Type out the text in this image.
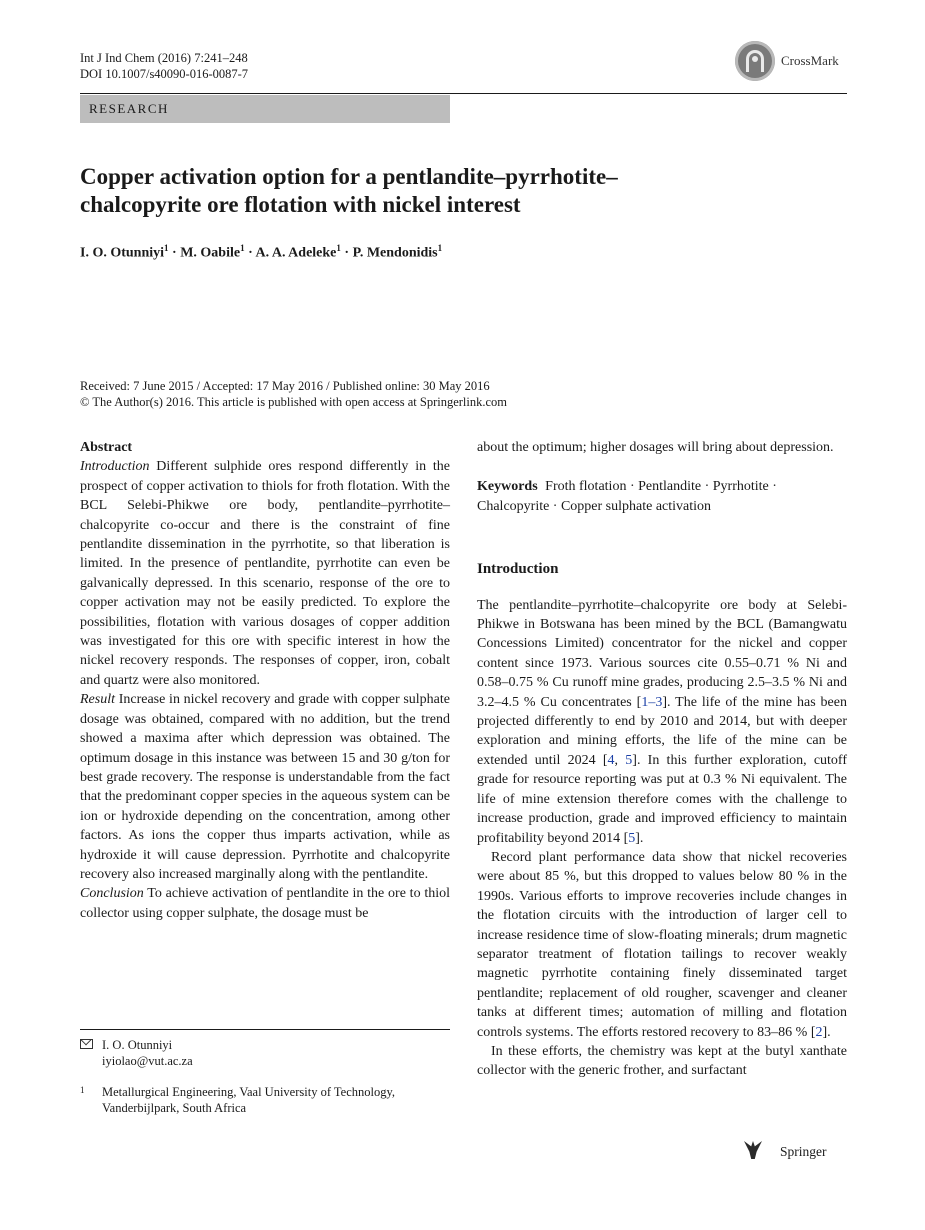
Int J Ind Chem (2016) 7:241–248
DOI 10.1007/s40090-016-0087-7
CrossMark
RESEARCH
Copper activation option for a pentlandite–pyrrhotite–chalcopyrite ore flotation with nickel interest
I. O. Otunniyi$^1$ · M. Oabile$^1$ · A. A. Adeleke$^1$ · P. Mendonidis$^1$
Received: 7 June 2015 / Accepted: 17 May 2016 / Published online: 30 May 2016
© The Author(s) 2016. This article is published with open access at Springerlink.com

Abstract

Introduction Different sulphide ores respond differently in the prospect of copper activation to thiols for froth flotation. With the BCL Selebi-Phikwe ore body, pentlandite–pyrrhotite–chalcopyrite co-occur and there is the constraint of fine pentlandite dissemination in the pyrrhotite, so that liberation is limited. In the presence of pentlandite, pyrrhotite can even be galvanically depressed. In this scenario, response of the ore to copper activation may not be easily predicted. To explore the possibilities, flotation with various dosages of copper addition was investigated for this ore with specific interest in how the nickel recovery responds. The responses of copper, iron, cobalt and quartz were also monitored.

Result Increase in nickel recovery and grade with copper sulphate dosage was obtained, compared with no addition, but the trend showed a maxima after which depression was obtained. The optimum dosage in this instance was between 15 and 30 g/ton for best grade recovery. The response is understandable from the fact that the predominant copper species in the aqueous system can be ion or hydroxide depending on the concentration, among other factors. As ions the copper thus imparts activation, while as hydroxide it will cause depression. Pyrrhotite and chalcopyrite recovery also increased marginally along with the pentlandite.

Conclusion To achieve activation of pentlandite in the ore to thiol collector using copper sulphate, the dosage must be

about the optimum; higher dosages will bring about depression.

Keywords Froth flotation · Pentlandite · Pyrrhotite · Chalcopyrite · Copper sulphate activation

Introduction

The pentlandite–pyrrhotite–chalcopyrite ore body at Selebi-Phikwe in Botswana has been mined by the BCL (Bamangwatu Concessions Limited) concentrator for the nickel and copper content since 1973. Various sources cite 0.55–0.71 % Ni and 0.58–0.75 % Cu runoff mine grades, producing 2.5–3.5 % Ni and 3.2–4.5 % Cu concentrates [1–3]. The life of the mine has been projected differently to end by 2010 and 2014, but with deeper exploration and mining efforts, the life of the mine can be extended until 2024 [4, 5]. In this further exploration, cutoff grade for resource reporting was put at 0.3 % Ni equivalent. The life of mine extension therefore comes with the challenge to increase production, grade and improved efficiency to maintain profitability beyond 2014 [5].

Record plant performance data show that nickel recoveries were about 85 %, but this dropped to values below 80 % in the 1990s. Various efforts to improve recoveries include changes in the flotation circuits with the introduction of larger cell to increase residence time of slow-floating minerals; drum magnetic separator treatment of flotation tailings to recover weakly magnetic pyrrhotite containing finely disseminated target pentlandite; replacement of old rougher, scavenger and cleaner tanks at different times; automation of milling and flotation controls systems. The efforts restored recovery to 83–86 % [2].

In these efforts, the chemistry was kept at the butyl xanthate collector with the generic frother, and surfactant

I. O. Otunniyi
iyiolao@vut.ac.za
1	Metallurgical Engineering, Vaal University of Technology,
Vanderbijlpark, South Africa
Springer
